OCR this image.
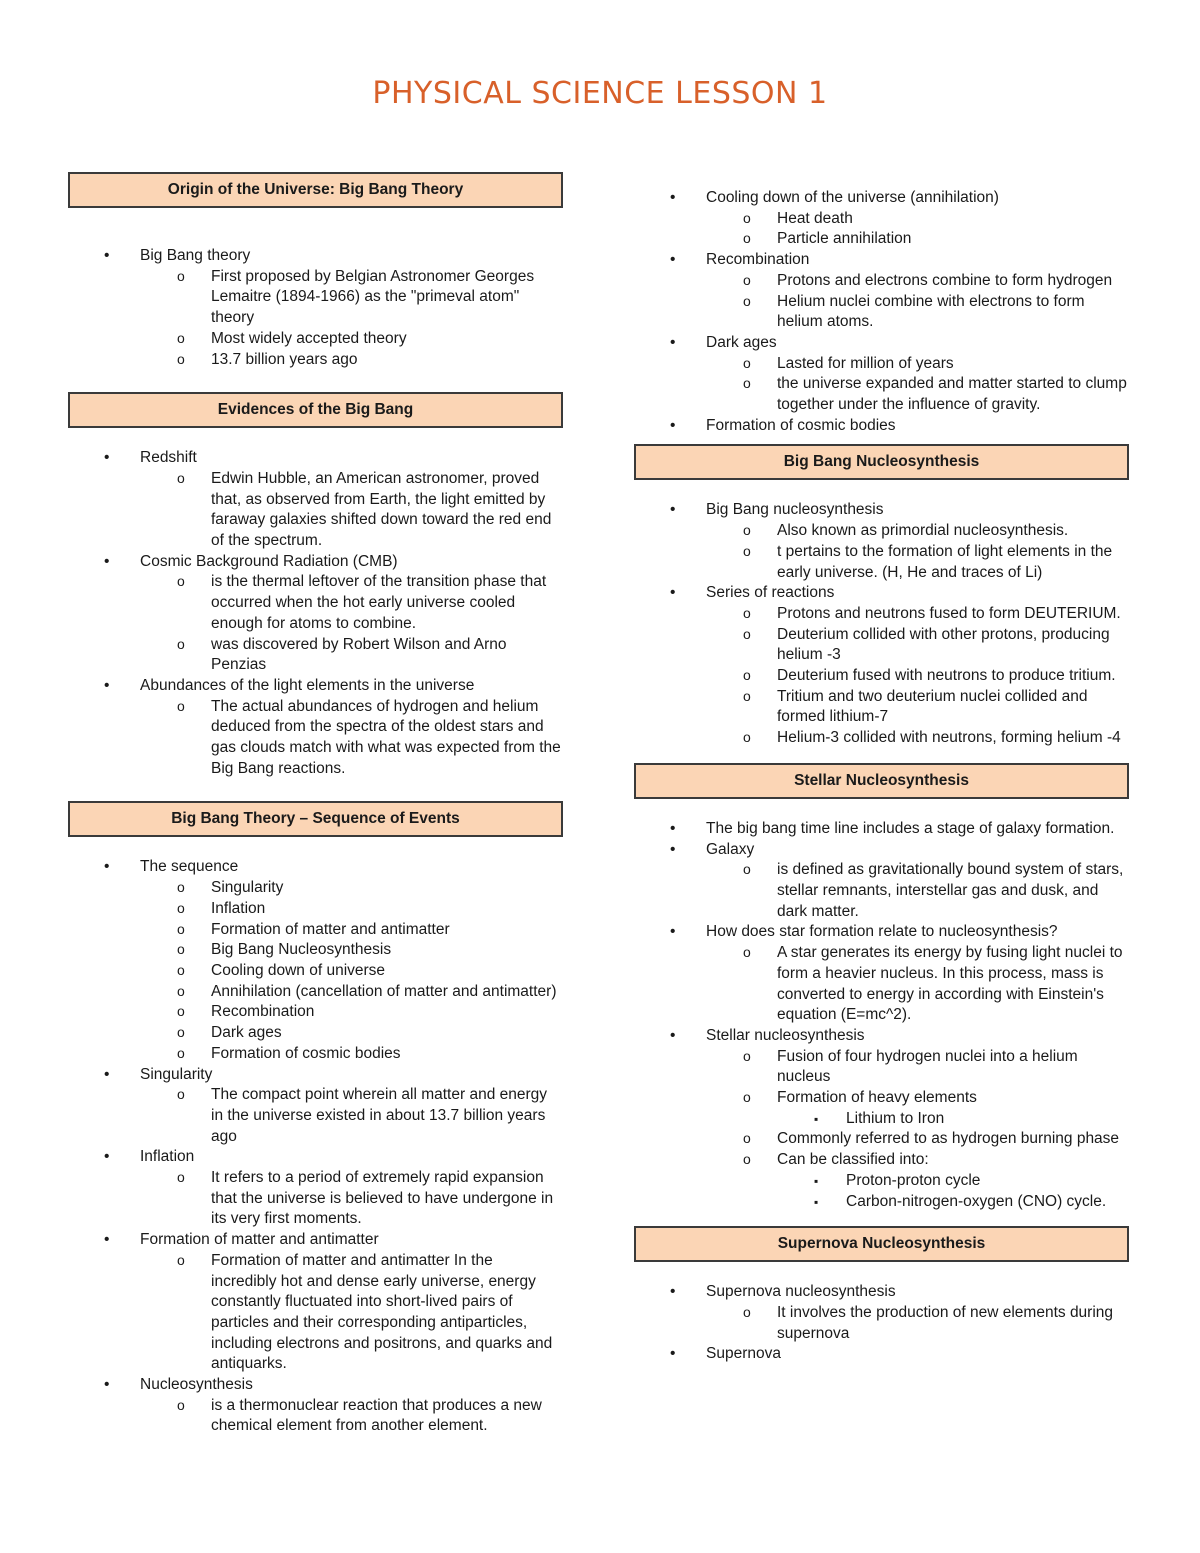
PHYSICAL SCIENCE LESSON 1
Origin of the Universe: Big Bang Theory
• Big Bang theory
o First proposed by Belgian Astronomer Georges Lemaitre (1894-1966) as the "primeval atom" theory
o Most widely accepted theory
o 13.7 billion years ago
Evidences of the Big Bang
• Redshift
o Edwin Hubble, an American astronomer, proved that, as observed from Earth, the light emitted by faraway galaxies shifted down toward the red end of the spectrum.
• Cosmic Background Radiation (CMB)
o is the thermal leftover of the transition phase that occurred when the hot early universe cooled enough for atoms to combine.
o was discovered by Robert Wilson and Arno Penzias
• Abundances of the light elements in the universe
o The actual abundances of hydrogen and helium deduced from the spectra of the oldest stars and gas clouds match with what was expected from the Big Bang reactions.
Big Bang Theory – Sequence of Events
• The sequence
o Singularity
o Inflation
o Formation of matter and antimatter
o Big Bang Nucleosynthesis
o Cooling down of universe
o Annihilation (cancellation of matter and antimatter)
o Recombination
o Dark ages
o Formation of cosmic bodies
• Singularity
o The compact point wherein all matter and energy in the universe existed in about 13.7 billion years ago
• Inflation
o It refers to a period of extremely rapid expansion that the universe is believed to have undergone in its very first moments.
• Formation of matter and antimatter
o Formation of matter and antimatter In the incredibly hot and dense early universe, energy constantly fluctuated into short-lived pairs of particles and their corresponding antiparticles, including electrons and positrons, and quarks and antiquarks.
• Nucleosynthesis
o is a thermonuclear reaction that produces a new chemical element from another element.
• Cooling down of the universe (annihilation)
o Heat death
o Particle annihilation
• Recombination
o Protons and electrons combine to form hydrogen
o Helium nuclei combine with electrons to form helium atoms.
• Dark ages
o Lasted for million of years
o the universe expanded and matter started to clump together under the influence of gravity.
• Formation of cosmic bodies
Big Bang Nucleosynthesis
• Big Bang nucleosynthesis
o Also known as primordial nucleosynthesis.
o t pertains to the formation of light elements in the early universe. (H, He and traces of Li)
• Series of reactions
o Protons and neutrons fused to form DEUTERIUM.
o Deuterium collided with other protons, producing helium -3
o Deuterium fused with neutrons to produce tritium.
o Tritium and two deuterium nuclei collided and formed lithium-7
o Helium-3 collided with neutrons, forming helium -4
Stellar Nucleosynthesis
• The big bang time line includes a stage of galaxy formation.
• Galaxy
o is defined as gravitationally bound system of stars, stellar remnants, interstellar gas and dusk, and dark matter.
• How does star formation relate to nucleosynthesis?
o A star generates its energy by fusing light nuclei to form a heavier nucleus. In this process, mass is converted to energy in according with Einstein's equation (E=mc^2).
• Stellar nucleosynthesis
o Fusion of four hydrogen nuclei into a helium nucleus
o Formation of heavy elements
▪ Lithium to Iron
o Commonly referred to as hydrogen burning phase
o Can be classified into:
▪ Proton-proton cycle
▪ Carbon-nitrogen-oxygen (CNO) cycle.
Supernova Nucleosynthesis
• Supernova nucleosynthesis
o It involves the production of new elements during supernova
• Supernova
